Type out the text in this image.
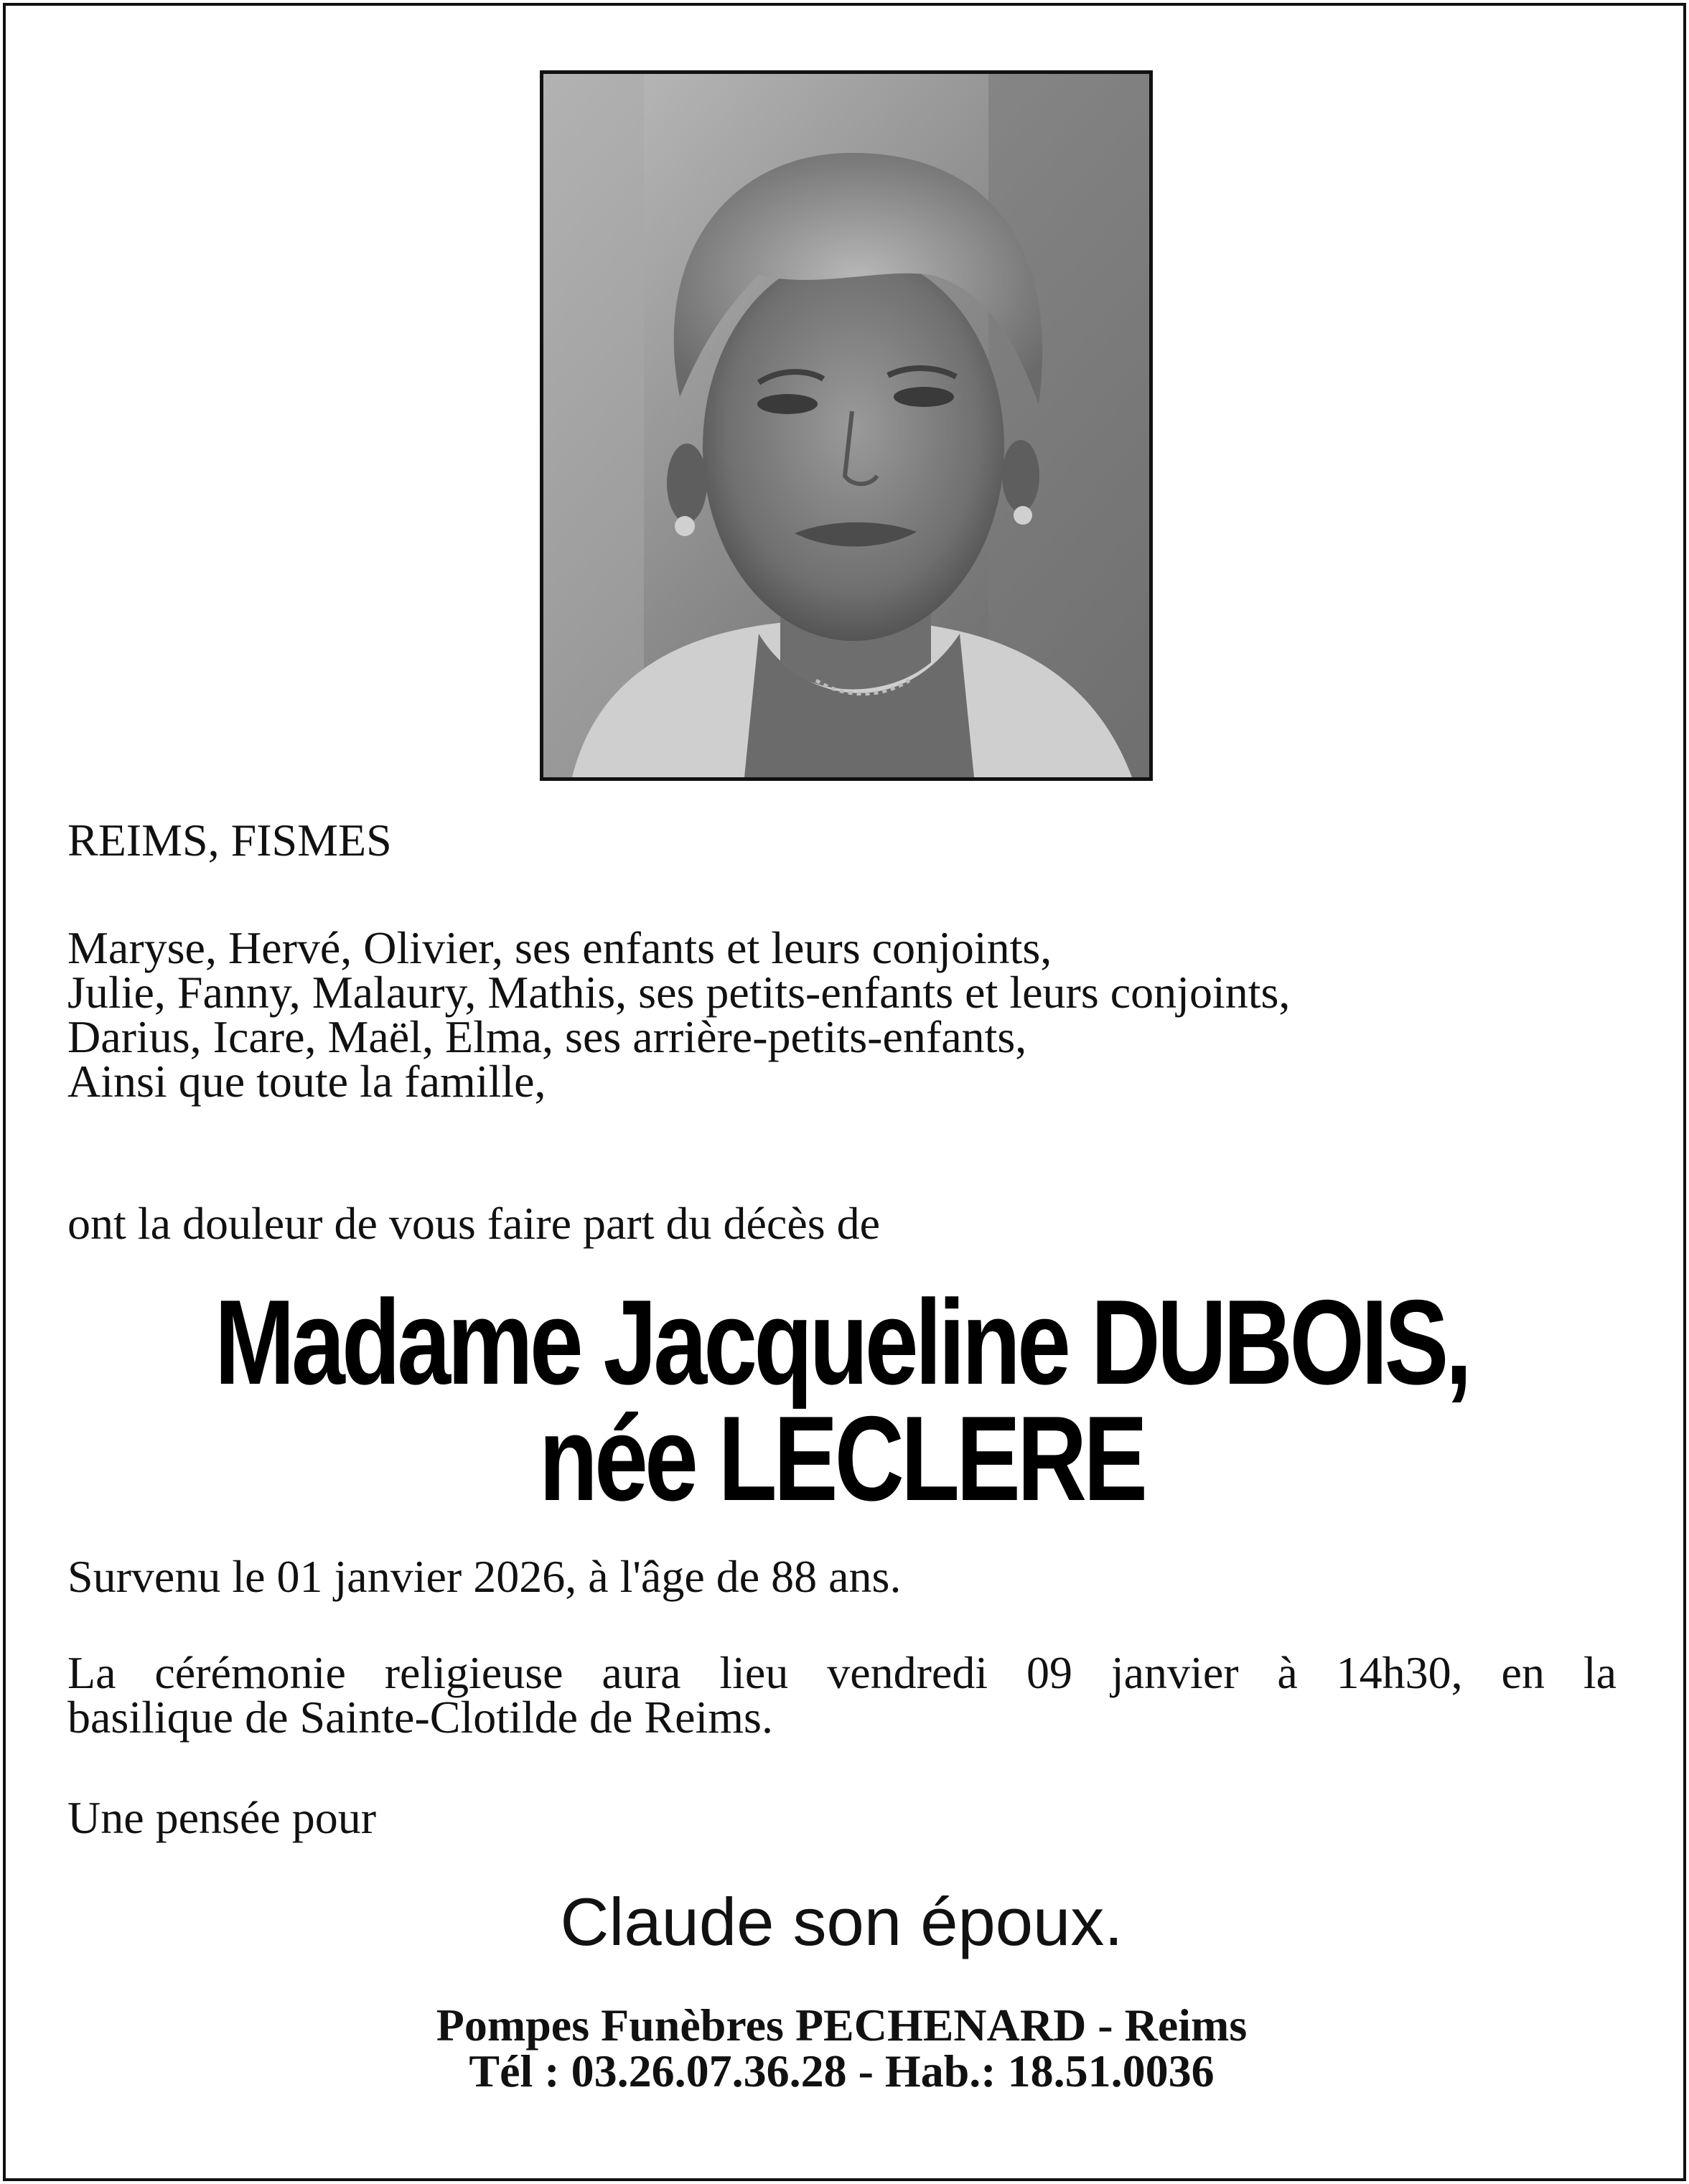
REIMS, FISMES
Maryse, Hervé, Olivier, ses enfants et leurs conjoints,
Julie, Fanny, Malaury, Mathis, ses petits-enfants et leurs conjoints,
Darius, Icare, Maël, Elma, ses arrière-petits-enfants,
Ainsi que toute la famille,
ont la douleur de vous faire part du décès de
Madame Jacqueline DUBOIS,
née LECLERE
Survenu le 01 janvier 2026, à l'âge de 88 ans.
La cérémonie religieuse aura lieu vendredi 09 janvier à 14h30, en la
basilique de Sainte-Clotilde de Reims.
Une pensée pour
Claude son époux.
Pompes Funèbres PECHENARD - Reims
Tél : 03.26.07.36.28 - Hab.: 18.51.0036
